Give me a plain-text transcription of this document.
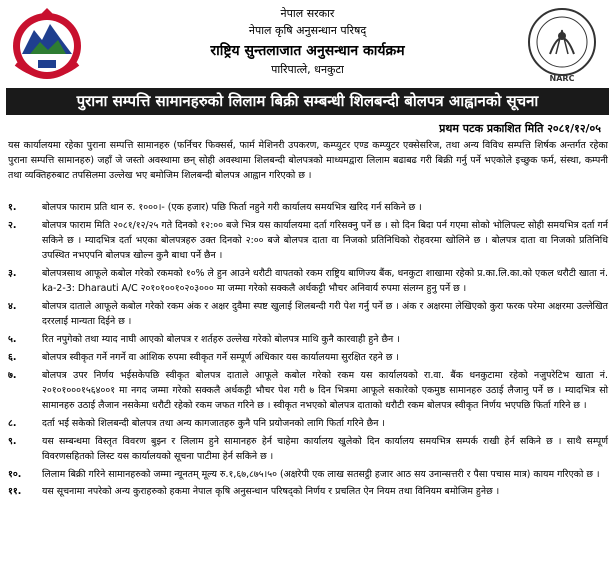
नेपाल सरकार
नेपाल कृषि अनुसन्धान परिषद्
राष्ट्रिय सुन्तलाजात अनुसन्धान कार्यक्रम
पारिपात्ले, धनकुटा
NARC
पुराना सम्पत्ति सामानहरुको लिलाम बिक्री सम्बन्धी शिलबन्दी बोलपत्र आह्वानको सूचना
प्रथम पटक प्रकाशित मिति २०८१/१२/०५
यस कार्यालयमा रहेका पुराना सम्पत्ति सामानहरु (फर्निचर फिक्सर्स, फार्म मेशिनरी उपकरण, कम्प्युटर एण्ड कम्प्युटर एक्सेसरिज, तथा अन्य विविध सम्पत्ति शिर्षक अन्तर्गत रहेका पुराना सम्पत्ति सामानहरु) जहाँ जे जस्तो अवस्थामा छन् सोही अवस्थामा शिलबन्दी बोलपत्रको माध्यमद्वारा लिलाम बढाबढ गरी बिक्री गर्नु पर्ने भएकोले इच्छुक फर्म, संस्था, कम्पनी तथा व्यक्तिहरुबाट तपसिलमा उल्लेख भए बमोजिम शिलबन्दी बोलपत्र आह्वान गरिएको छ ।
१.	बोलपत्र फाराम प्रति थान रु. १०००।- (एक हजार) पछि फिर्ता नहुने गरी कार्यालय समयभित्र खरिद गर्न सकिने छ ।
२.	बोलपत्र फाराम मिति २०८१/१२/२५ गते दिनको १२:०० बजे भित्र यस कार्यालयमा दर्ता गरिसक्नु पर्ने छ । सो दिन बिदा पर्न गएमा सोको भोलिपल्ट सोही समयभित्र दर्ता गर्न सकिने छ । म्यादभित्र दर्ता भएका बोलपत्रहरु उक्त दिनको २:०० बजे बोलपत्र दाता वा निजको प्रतिनिधिको रोहवरमा खोलिने छ । बोलपत्र दाता वा निजको प्रतिनिधि उपस्थित नभएपनि बोलपत्र खोल्न कुनै बाधा पर्ने छैन ।
३.	बोलपत्रसाथ आफूले कबोल गरेको रकमको १०% ले हुन आउने धरौटी वापतको रकम राष्ट्रिय बाणिज्य बैंक, धनकुटा शाखामा रहेको प्र.का.लि.का.को एकल धरौटी खाता नं. ka-2-3: Dharauti A/C २०१०१००१०२०३००० मा जम्मा गरेको सक्कलै अर्धकट्टी भौचर अनिवार्य रुपमा संलग्न हुनु पर्ने छ ।
४.	बोलपत्र दाताले आफूले कबोल गरेको रकम अंक र अक्षर दुवैमा स्पष्ट खुलाई शिलबन्दी गरी पेश गर्नु पर्ने छ । अंक र अक्षरमा लेखिएको कुरा फरक परेमा अक्षरमा उल्लेखित दररलाई मान्यता दिईने छ ।
५.	रित नपुगेको तथा म्याद नाघी आएको बोलपत्र र शर्तहरु उल्लेख गरेको बोलपत्र माथि कुनै कारवाही हुने छैन ।
६.	बोलपत्र स्वीकृत गर्ने नगर्ने वा आंशिक रुपमा स्वीकृत गर्ने सम्पूर्ण अधिकार यस कार्यालयमा सुरक्षित रहने छ ।
७.	बोलपत्र उपर निर्णय भईसकेपछि स्वीकृत बोलपत्र दाताले आफूले कबोल गरेको रकम यस कार्यालयको रा.वा. बैंक धनकुटामा रहेको नजुपरेटिभ खाता नं. २०१०१०००१५६४००१ मा नगद जम्मा गरेको सक्कलै अर्धकट्टी भौचर पेश गरी ७ दिन भित्रमा आफूले सकारेको एकमुष्ठ सामानहरु उठाई लैजानु पर्ने छ । म्यादभित्र सो सामानहरु उठाई लैजान नसकेमा धरौटी रहेको रकम जफत गरिने छ । स्वीकृत नभएको बोलपत्र दाताको धरौटी रकम बोलपत्र स्वीकृत निर्णय भएपछि फिर्ता गरिने छ ।
८.	दर्ता भई सकेको शिलबन्दी बोलपत्र तथा अन्य कागजातहरु कुनै पनि प्रयोजनको लागि फिर्ता गरिने छैन ।
९.	यस सम्बन्धमा विस्तृत विवरण बुझ्न र लिलाम हुने सामानहरु हेर्न चाहेमा कार्यालय खुलेको दिन कार्यालय समयभित्र सम्पर्क राखी हेर्न सकिने छ । साथै सम्पूर्ण विवरणसहितको लिस्ट यस कार्यालयको सूचना पाटीमा हेर्न सकिने छ ।
१०.	लिलाम बिक्री गरिने सामानहरुको जम्मा न्यूनतम् मूल्य रु.१,६७,८७५।५० (अक्षरेपी एक लाख सतसट्ठी हजार आठ सय उनान्सत्तरी र पैसा पचास मात्र) कायम गरिएको छ ।
११.	यस सूचनामा नपरेको अन्य कुराहरुको हकमा नेपाल कृषि अनुसन्धान परिषद्को निर्णय र प्रचलित ऐन नियम तथा विनियम बमोजिम हुनेछ ।
